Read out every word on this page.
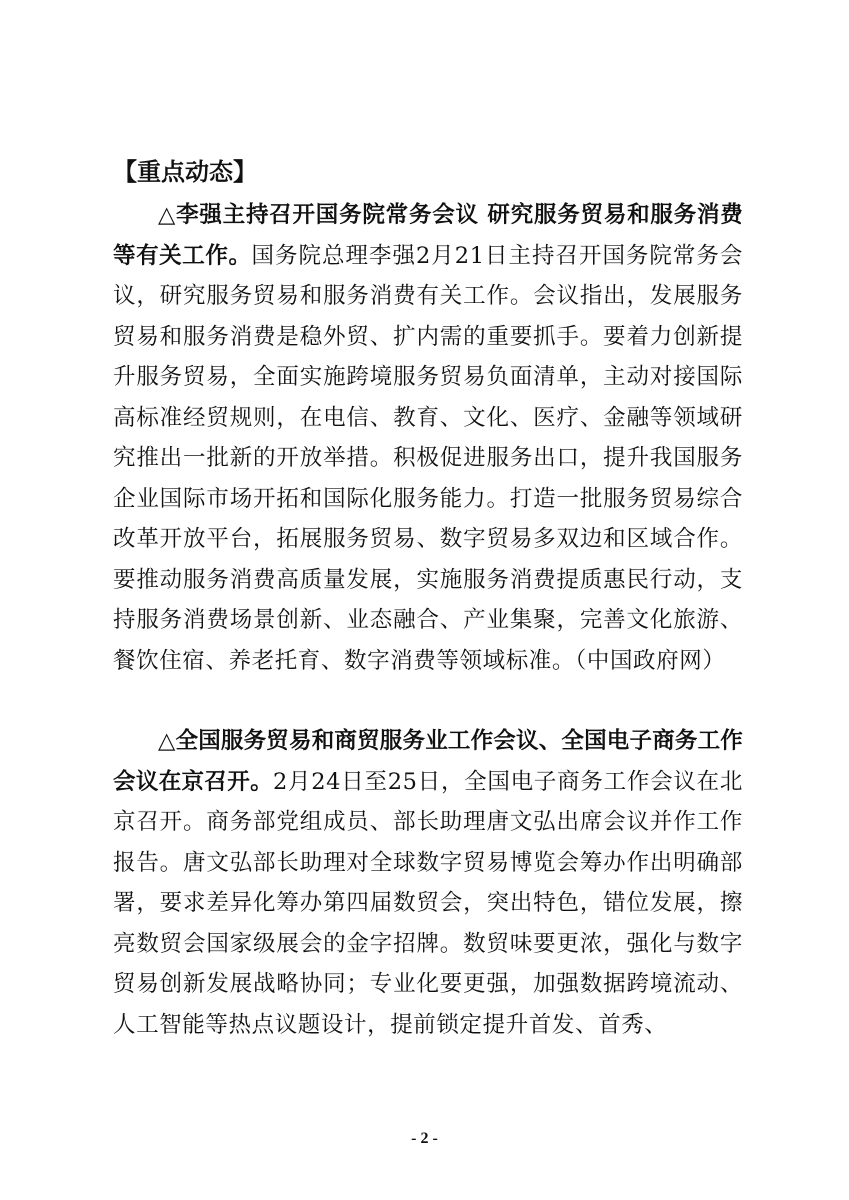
【重点动态】

△李强主持召开国务院常务会议 研究服务贸易和服务消费等有关工作。国务院总理李强2月21日主持召开国务院常务会议，研究服务贸易和服务消费有关工作。会议指出，发展服务贸易和服务消费是稳外贸、扩内需的重要抓手。要着力创新提升服务贸易，全面实施跨境服务贸易负面清单，主动对接国际高标准经贸规则，在电信、教育、文化、医疗、金融等领域研究推出一批新的开放举措。积极促进服务出口，提升我国服务企业国际市场开拓和国际化服务能力。打造一批服务贸易综合改革开放平台，拓展服务贸易、数字贸易多双边和区域合作。要推动服务消费高质量发展，实施服务消费提质惠民行动，支持服务消费场景创新、业态融合、产业集聚，完善文化旅游、餐饮住宿、养老托育、数字消费等领域标准。（中国政府网）

△全国服务贸易和商贸服务业工作会议、全国电子商务工作会议在京召开。2月24日至25日，全国电子商务工作会议在北京召开。商务部党组成员、部长助理唐文弘出席会议并作工作报告。唐文弘部长助理对全球数字贸易博览会筹办作出明确部署，要求差异化筹办第四届数贸会，突出特色，错位发展，擦亮数贸会国家级展会的金字招牌。数贸味要更浓，强化与数字贸易创新发展战略协同；专业化要更强，加强数据跨境流动、人工智能等热点议题设计，提前锁定提升首发、首秀、

- 2 -
